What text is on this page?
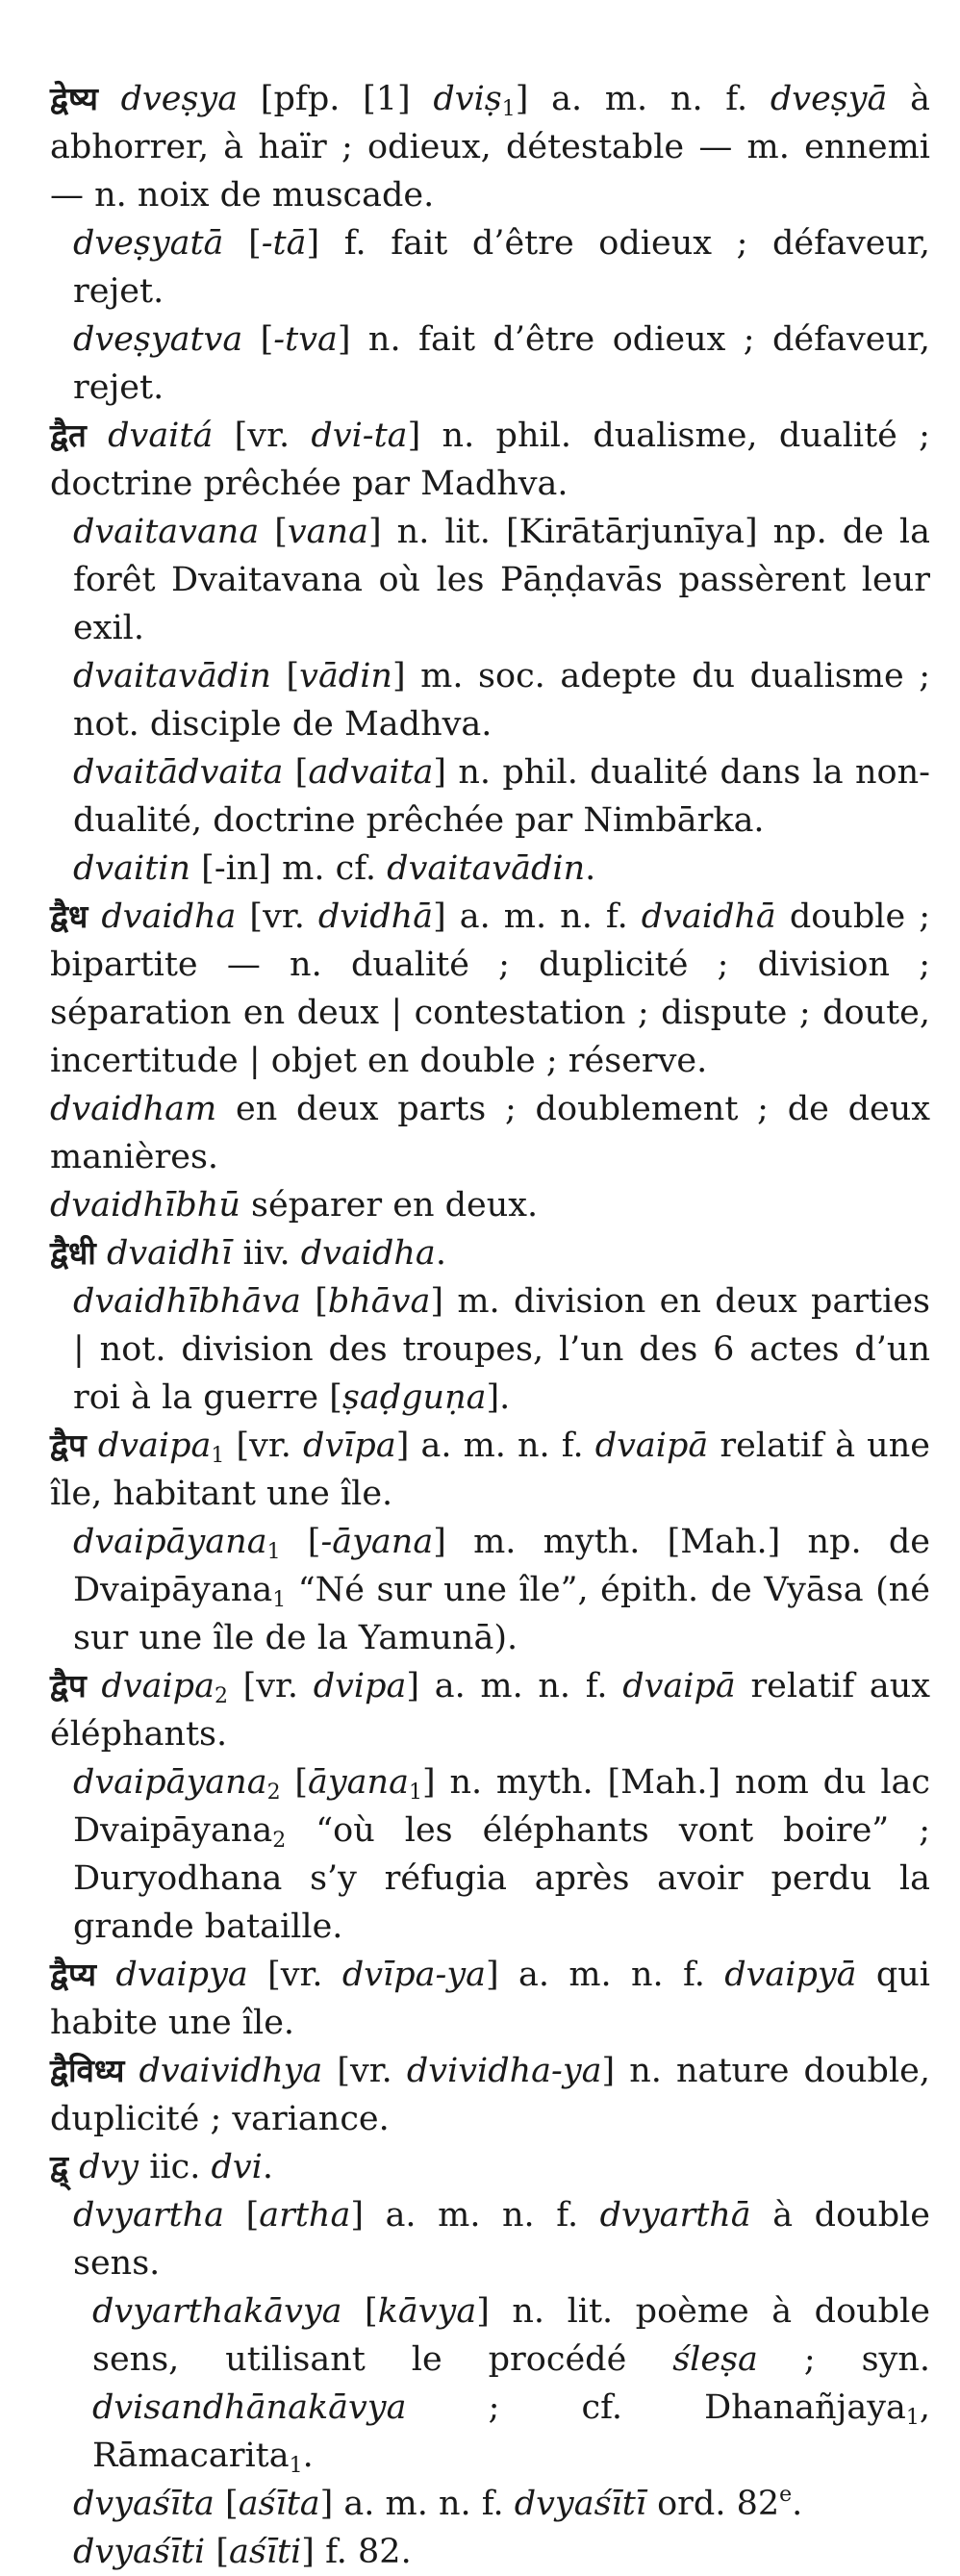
द्वेष्य dveṣya [pfp. [1] dviṣ$_1$] a. m. n. f. dveṣyā à abhorrer, à haïr ; odieux, détestable — m. ennemi — n. noix de muscade.

dveṣyatā [-tā] f. fait d’être odieux ; défaveur, rejet.

dveṣyatva [-tva] n. fait d’être odieux ; défaveur, rejet.

द्वैत dvaitá [vr. dvi-ta] n. phil. dualisme, dualité ; doctrine prêchée par Madhva.

dvaitavana [vana] n. lit. [Kirātārjunīya] np. de la forêt Dvaitavana où les Pāṇḍavās passèrent leur exil.

dvaitavādin [vādin] m. soc. adepte du dualisme ; not. disciple de Madhva.

dvaitādvaita [advaita] n. phil. dualité dans la non-dualité, doctrine prêchée par Nimbārka.

dvaitin [-in] m. cf. dvaitavādin.

द्वैध dvaidha [vr. dvidhā] a. m. n. f. dvaidhā double ; bipartite — n. dualité ; duplicité ; division ; séparation en deux | contestation ; dispute ; doute, incertitude | objet en double ; réserve.

dvaidham en deux parts ; doublement ; de deux manières.

dvaidhībhū séparer en deux.

द्वैधी dvaidhī iiv. dvaidha.

dvaidhībhāva [bhāva] m. division en deux parties | not. division des troupes, l’un des 6 actes d’un roi à la guerre [ṣaḍguṇa].

द्वैप dvaipa$_1$ [vr. dvīpa] a. m. n. f. dvaipā relatif à une île, habitant une île.

dvaipāyana$_1$ [-āyana] m. myth. [Mah.] np. de Dvaipāyana$_1$ “Né sur une île”, épith. de Vyāsa (né sur une île de la Yamunā).

द्वैप dvaipa$_2$ [vr. dvipa] a. m. n. f. dvaipā relatif aux éléphants.

dvaipāyana$_2$ [āyana$_1$] n. myth. [Mah.] nom du lac Dvaipāyana$_2$ “où les éléphants vont boire” ; Duryodhana s’y réfugia après avoir perdu la grande bataille.

द्वैप्य dvaipya [vr. dvīpa-ya] a. m. n. f. dvaipyā qui habite une île.

द्वैविध्य dvaividhya [vr. dvividha-ya] n. nature double, duplicité ; variance.

द्व् dvy iic. dvi.

dvyartha [artha] a. m. n. f. dvyarthā à double sens.

dvyarthakāvya [kāvya] n. lit. poème à double sens, utilisant le procédé śleṣa ; syn. dvisandhānakāvya ; cf. Dhanañjaya$_1$, Rāmacarita$_1$.

dvyaśīta [aśīta] a. m. n. f. dvyaśītī ord. 82e.

dvyaśīti [aśīti] f. 82.
